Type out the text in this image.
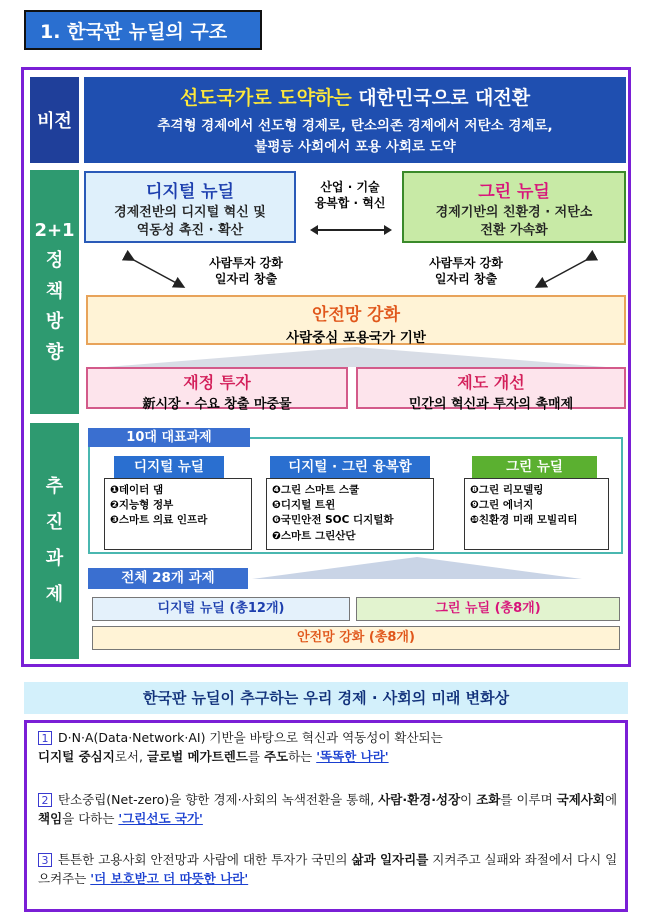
1. 한국판 뉴딜의 구조
비전
선도국가로 도약하는 대한민국으로 대전환
추격형 경제에서 선도형 경제로, 탄소의존 경제에서 저탄소 경제로,
불평등 사회에서 포용 사회로 도약
2+1 정 책 방 향
디지털 뉴딜
경제전반의 디지털 혁신 및
역동성 촉진 · 확산
산업 · 기술
융복합 · 혁신
그린 뉴딜
경제기반의 친환경 · 저탄소
전환 가속화
사람투자 강화
일자리 창출
사람투자 강화
일자리 창출
안전망 강화
사람중심 포용국가 기반
재정 투자
新시장 · 수요 창출 마중물
제도 개선
민간의 혁신과 투자의 촉매제
추 진 과 제
10대 대표과제
❶데이터 댐
❷지능형 정부
❸스마트 의료 인프라
디지털 뉴딜
❹그린 스마트 스쿨
❺디지털 트윈
❻국민안전 SOC 디지털화
❼스마트 그린산단
디지털 · 그린 융복합
❽그린 리모델링
❾그린 에너지
❿친환경 미래 모빌리티
그린 뉴딜
전체 28개 과제
디지털 뉴딜 (총12개)	그린 뉴딜 (총8개)
안전망 강화 (총8개)
한국판 뉴딜이 추구하는 우리 경제 · 사회의 미래 변화상
1 D·N·A(Data·Network·AI) 기반을 바탕으로 혁신과 역동성이 확산되는
디지털 중심지로서, 글로벌 메가트렌드를 주도하는 '똑똑한 나라'
2 탄소중립(Net-zero)을 향한 경제·사회의 녹색전환을 통해, 사람·환경·성장이 조화를 이루며 국제사회에 책임을 다하는 '그린선도 국가'
3 튼튼한 고용사회 안전망과 사람에 대한 투자가 국민의 삶과 일자리를 지켜주고 실패와 좌절에서 다시 일으켜주는 '더 보호받고 더 따뜻한 나라'
